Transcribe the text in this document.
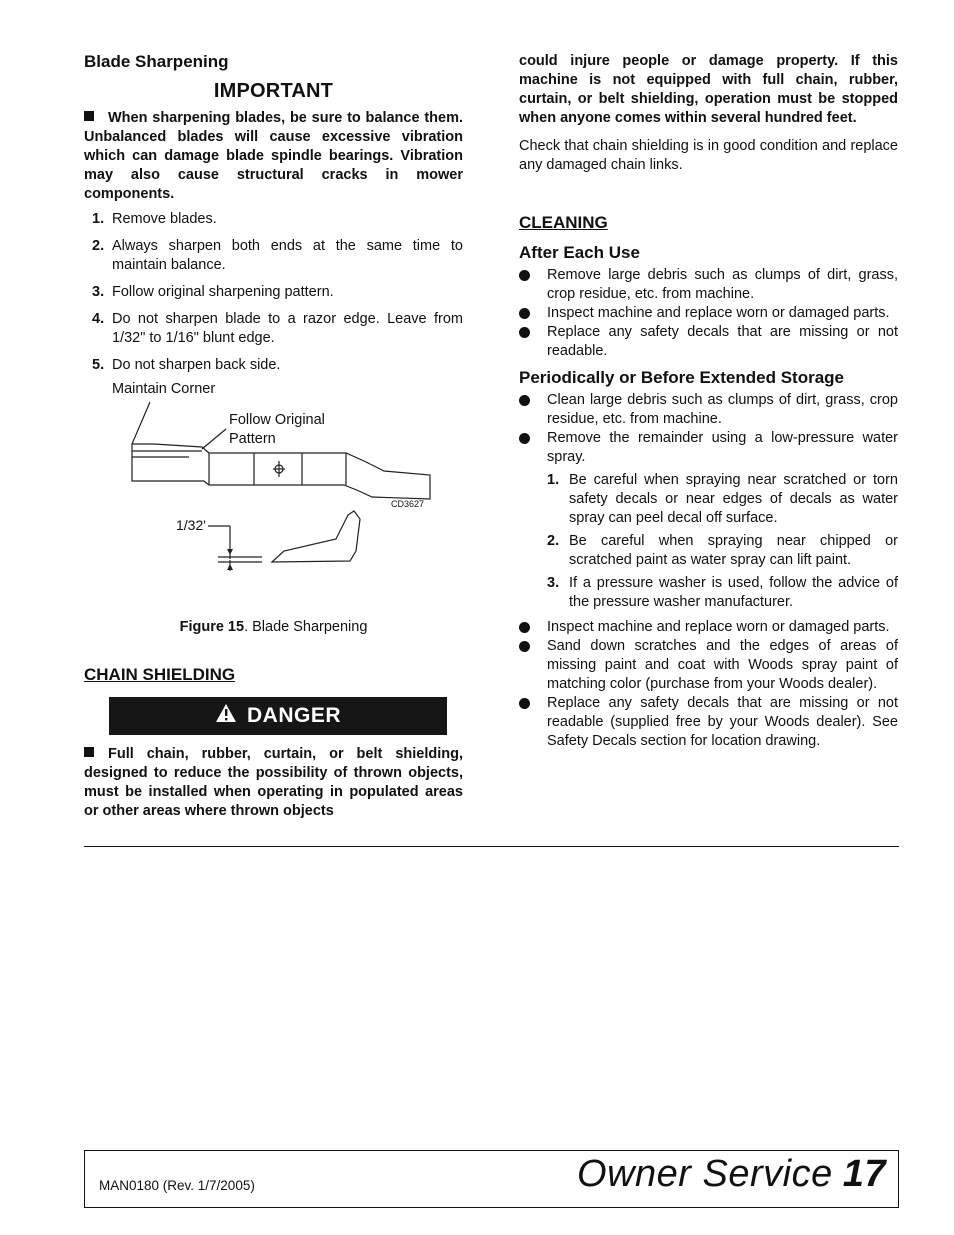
Blade Sharpening
IMPORTANT

When sharpening blades, be sure to balance them. Unbalanced blades will cause excessive vibration which can damage blade spindle bearings. Vibration may also cause structural cracks in mower components.

1. Remove blades.
2. Always sharpen both ends at the same time to maintain balance.
3. Follow original sharpening pattern.
4. Do not sharpen blade to a razor edge. Leave from 1/32" to 1/16" blunt edge.
5. Do not sharpen back side.
Maintain Corner
Follow Original
Pattern
CD3627
1/32'
Figure 15. Blade Sharpening
CHAIN SHIELDING
DANGER

Full chain, rubber, curtain, or belt shielding, designed to reduce the possibility of thrown objects, must be installed when operating in populated areas or other areas where thrown objects

could injure people or damage property. If this machine is not equipped with full chain, rubber, curtain, or belt shielding, operation must be stopped when anyone comes within several hundred feet.

Check that chain shielding is in good condition and replace any damaged chain links.

CLEANING
After Each Use
Remove large debris such as clumps of dirt, grass, crop residue, etc. from machine.
Inspect machine and replace worn or damaged parts.
Replace any safety decals that are missing or not readable.
Periodically or Before Extended Storage
Clean large debris such as clumps of dirt, grass, crop residue, etc. from machine.
Remove the remainder using a low-pressure water spray.
1. Be careful when spraying near scratched or torn safety decals or near edges of decals as water spray can peel decal off surface.
2. Be careful when spraying near chipped or scratched paint as water spray can lift paint.
3. If a pressure washer is used, follow the advice of the pressure washer manufacturer.
Inspect machine and replace worn or damaged parts.
Sand down scratches and the edges of areas of missing paint and coat with Woods spray paint of matching color (purchase from your Woods dealer).
Replace any safety decals that are missing or not readable (supplied free by your Woods dealer). See Safety Decals section for location drawing.
MAN0180 (Rev. 1/7/2005)	Owner Service 17
